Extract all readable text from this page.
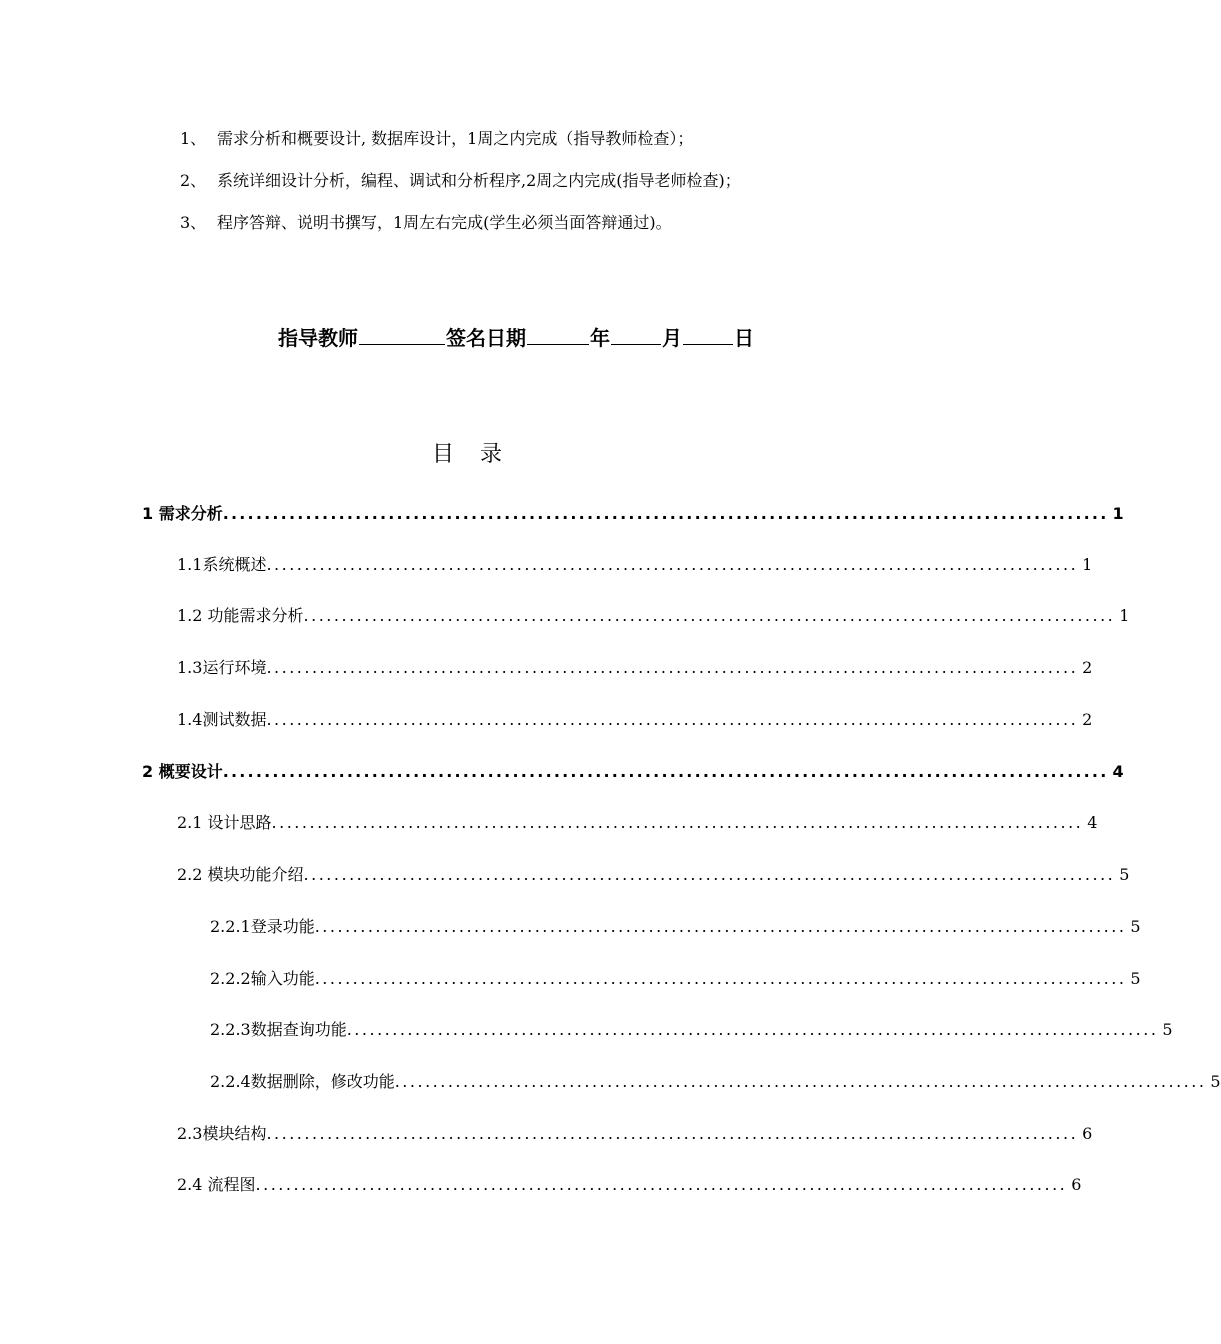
1、 需求分析和概要设计, 数据库设计，1周之内完成（指导教师检查）；
2、 系统详细设计分析，编程、调试和分析程序,2周之内完成(指导老师检查)；
3、 程序答辩、说明书撰写，1周左右完成(学生必须当面答辩通过)。
指导教师	签名日期	年	月	日
目录
1 需求分析 ........................................................................................................... 1
1.1系统概述 ........................................................................................................... 1
1.2 功能需求分析 ........................................................................................................... 1
1.3运行环境 ........................................................................................................... 2
1.4测试数据 ........................................................................................................... 2
2 概要设计 ........................................................................................................... 4
2.1 设计思路 ........................................................................................................... 4
2.2 模块功能介绍 ........................................................................................................... 5
2.2.1登录功能 ........................................................................................................... 5
2.2.2输入功能 ........................................................................................................... 5
2.2.3数据查询功能 ........................................................................................................... 5
2.2.4数据删除，修改功能 ........................................................................................................... 5
2.3模块结构 ........................................................................................................... 6
2.4 流程图 ........................................................................................................... 6
